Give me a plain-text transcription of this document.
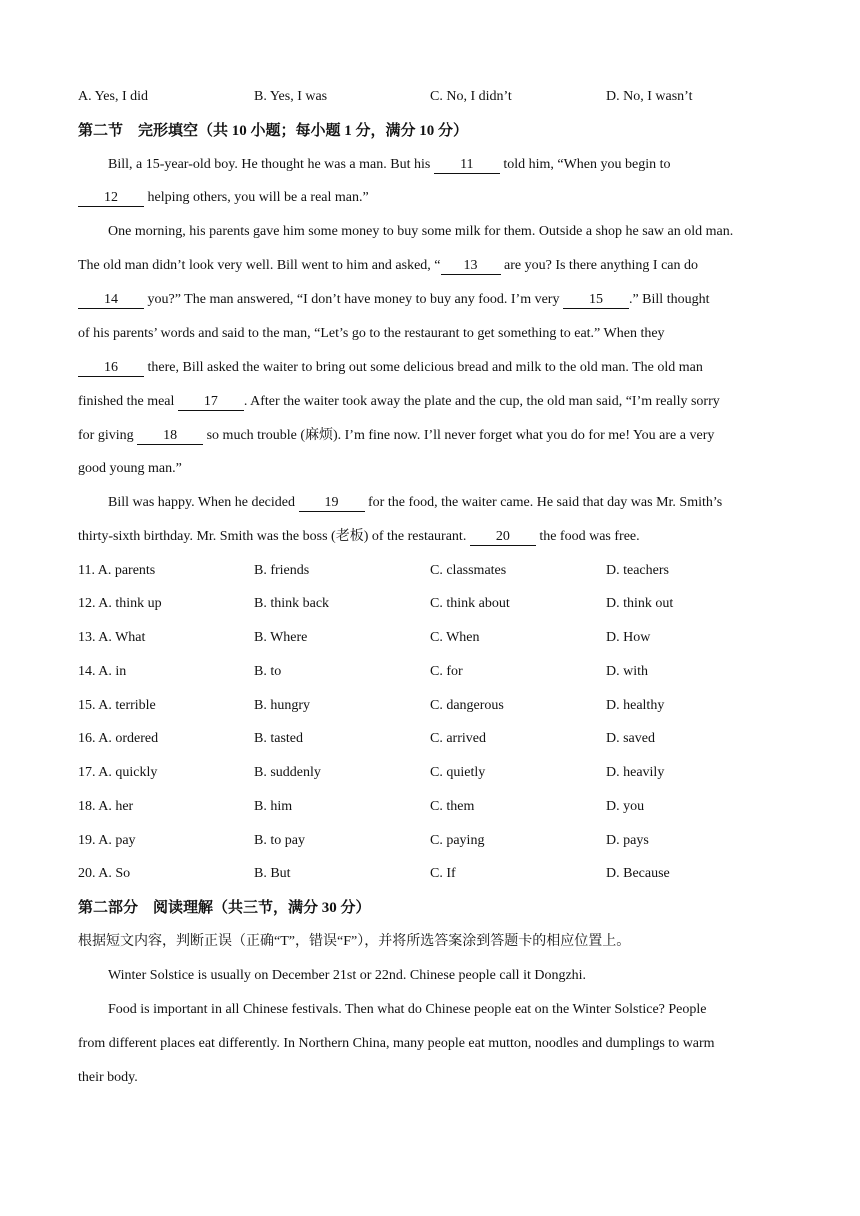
A. Yes, I did	B. Yes, I was	C. No, I didn’t	D. No, I wasn’t
第二节　完形填空（共 10 小题；每小题 1 分，满分 10 分）
Bill, a 15-year-old boy. He thought he was a man. But his 11 told him, “When you begin to
12 helping others, you will be a real man.”
One morning, his parents gave him some money to buy some milk for them. Outside a shop he saw an old man.
The old man didn’t look very well. Bill went to him and asked, “ 13 are you? Is there anything I can do
14 you?” The man answered, “I don’t have money to buy any food. I’m very 15 .” Bill thought
of his parents’ words and said to the man, “Let’s go to the restaurant to get something to eat.” When they
16 there, Bill asked the waiter to bring out some delicious bread and milk to the old man. The old man
finished the meal 17 . After the waiter took away the plate and the cup, the old man said, “I’m really sorry
for giving 18 so much trouble (麻烦). I’m fine now. I’ll never forget what you do for me! You are a very
good young man.”
Bill was happy. When he decided 19 for the food, the waiter came. He said that day was Mr. Smith’s
thirty-sixth birthday. Mr. Smith was the boss (老板) of the restaurant. 20 the food was free.
11. A. parents	B. friends	C. classmates	D. teachers
12. A. think up	B. think back	C. think about	D. think out
13. A. What	B. Where	C. When	D. How
14. A. in	B. to	C. for	D. with
15. A. terrible	B. hungry	C. dangerous	D. healthy
16. A. ordered	B. tasted	C. arrived	D. saved
17. A. quickly	B. suddenly	C. quietly	D. heavily
18. A. her	B. him	C. them	D. you
19. A. pay	B. to pay	C. paying	D. pays
20. A. So	B. But	C. If	D. Because
第二部分　阅读理解（共三节，满分 30 分）
根据短文内容，判断正误（正确“T”，错误“F”），并将所选答案涂到答题卡的相应位置上。
Winter Solstice is usually on December 21st or 22nd. Chinese people call it Dongzhi.
Food is important in all Chinese festivals. Then what do Chinese people eat on the Winter Solstice? People
from different places eat differently. In Northern China, many people eat mutton, noodles and dumplings to warm
their body.
